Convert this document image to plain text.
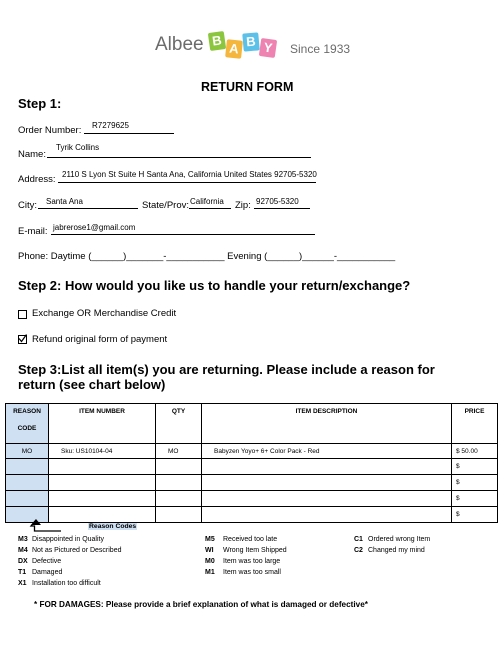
Albee B A B Y	Since 1933
RETURN FORM
Step 1:
Order Number: R7279625
Name:
Tyrik Collins
Address: 2110 S Lyon St Suite H Santa Ana, California United States 92705-5320
City: Santa Ana	State/Prov: California Zip: 92705-5320
E-mail: jabrerose1@gmail.com
Phone: Daytime (______)_______-___________ Evening (______)______-___________
Step 2: How would you like us to handle your return/exchange?
Exchange OR Merchandise Credit
Refund original form of payment
Step 3:List all item(s) you are returning. Please include a reason for
return (see chart below)
REASON
CODE	ITEM NUMBER	QTY	ITEM DESCRIPTION	PRICE
MO	Sku: US10104-04	MO	Babyzen Yoyo+ 6+ Color Pack - Red	$ 50.00
				$
				$
				$
				$
Reason Codes
M3 Disappointed in Quality
M4 Not as Pictured or Described
DX Defective
T1 Damaged
X1 Installation too difficult
M5 Received too late
WI Wrong Item Shipped
M0 Item was too large
M1 Item was too small
C1 Ordered wrong Item
C2 Changed my mind
* FOR DAMAGES: Please provide a brief explanation of what is damaged or defective*
